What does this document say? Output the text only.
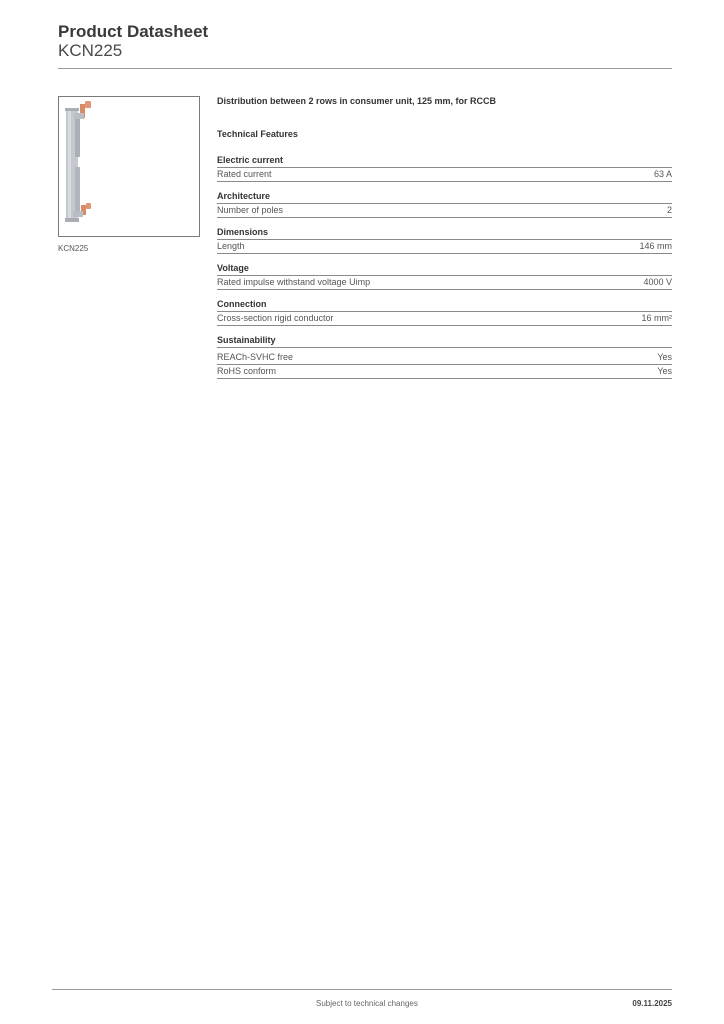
Product Datasheet
KCN225
KCN225
Distribution between 2 rows in consumer unit, 125 mm, for RCCB
Technical Features
Electric current
Rated current	63 A
Architecture
Number of poles	2
Dimensions
Length	146 mm
Voltage
Rated impulse withstand voltage Uimp	4000 V
Connection
Cross-section rigid conductor	16 mm²
Sustainability
REACh-SVHC free	Yes
RoHS conform	Yes
Subject to technical changes	09.11.2025
